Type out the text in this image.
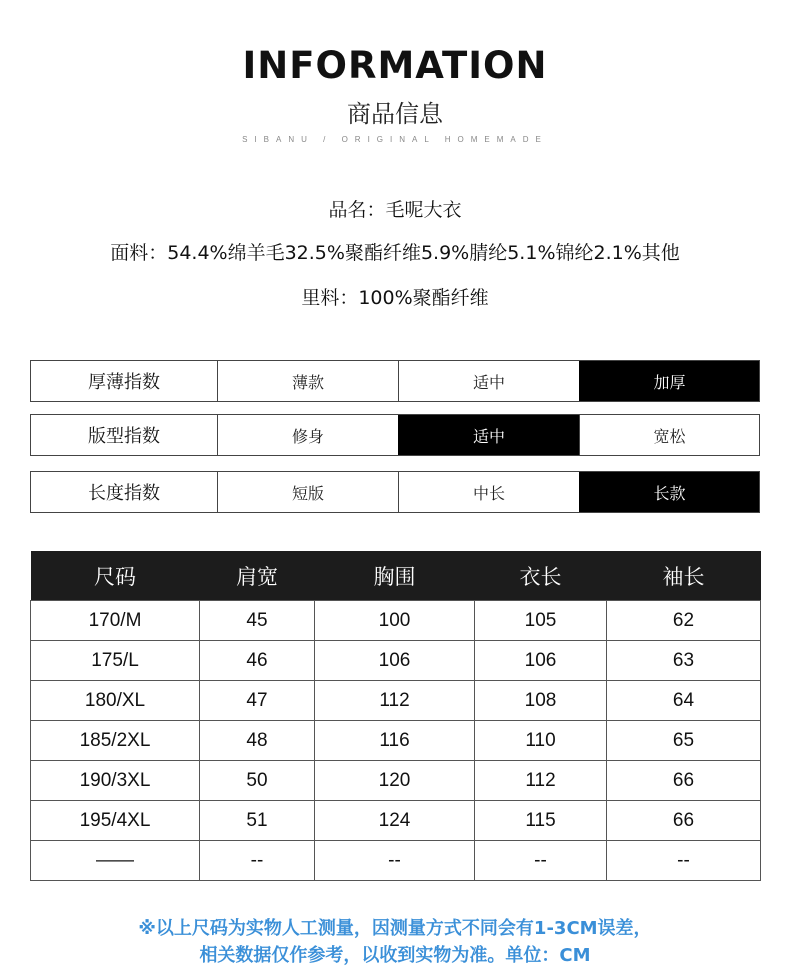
INFORMATION
商品信息
SIBANU / ORIGINAL HOMEMADE
品名：毛呢大衣
面料：54.4%绵羊毛32.5%聚酯纤维5.9%腈纶5.1%锦纶2.1%其他
里料：100%聚酯纤维
厚薄指数	薄款	适中	加厚
版型指数	修身	适中	宽松
长度指数	短版	中长	长款
尺码	肩宽	胸围	衣长	袖长
170/M	45	100	105	62
175/L	46	106	106	63
180/XL	47	112	108	64
185/2XL	48	116	110	65
190/3XL	50	120	112	66
195/4XL	51	124	115	66
——	--	--	--	--
※以上尺码为实物人工测量，因测量方式不同会有1-3CM误差，
相关数据仅作参考，以收到实物为准。单位：CM
